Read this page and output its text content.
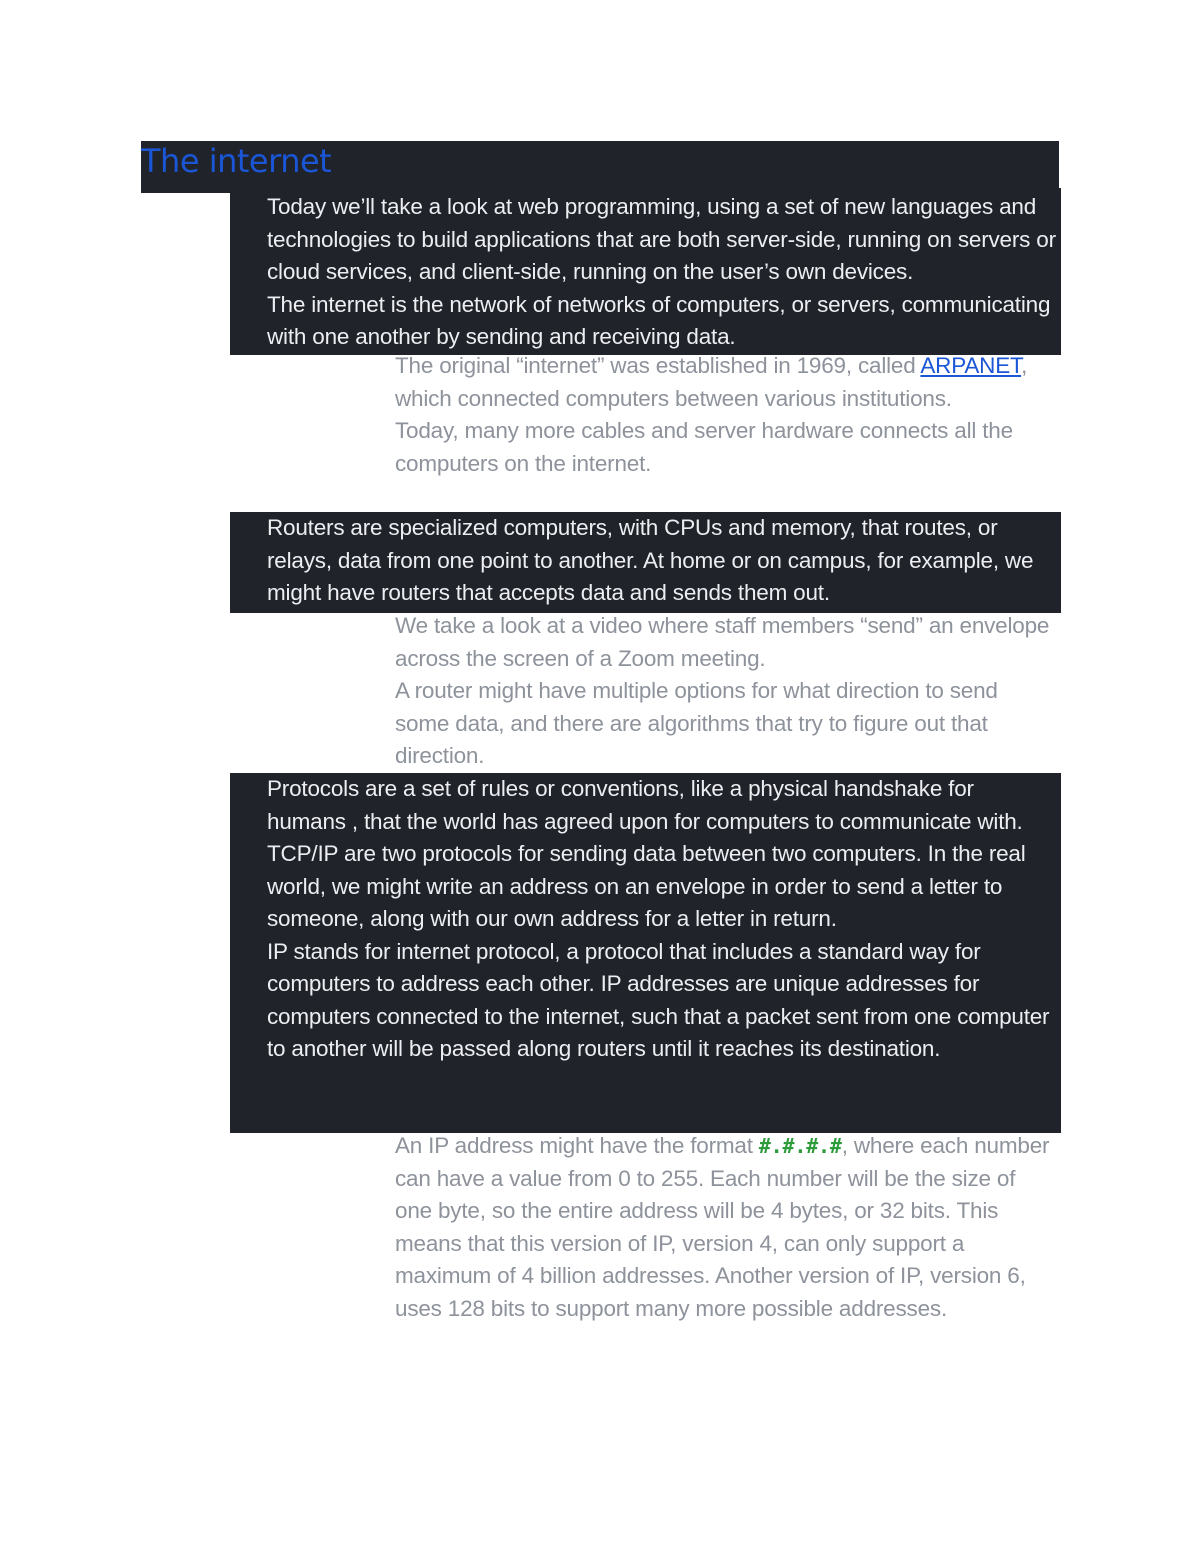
The internet

Today we’ll take a look at web programming, using a set of new languages and technologies to build applications that are both server-side, running on servers or cloud services, and client-side, running on the user’s own devices.

The internet is the network of networks of computers, or servers, communicating with one another by sending and receiving data.

The original “internet” was established in 1969, called ARPANET, which connected computers between various institutions.

Today, many more cables and server hardware connects all the computers on the internet.

Routers are specialized computers, with CPUs and memory, that routes, or relays, data from one point to another. At home or on campus, for example, we might have routers that accepts data and sends them out.

We take a look at a video where staff members “send” an envelope across the screen of a Zoom meeting.

A router might have multiple options for what direction to send some data, and there are algorithms that try to figure out that direction.

Protocols are a set of rules or conventions, like a physical handshake for humans , that the world has agreed upon for computers to communicate with.

TCP/IP are two protocols for sending data between two computers. In the real world, we might write an address on an envelope in order to send a letter to someone, along with our own address for a letter in return.

IP stands for internet protocol, a protocol that includes a standard way for computers to address each other. IP addresses are unique addresses for computers connected to the internet, such that a packet sent from one computer to another will be passed along routers until it reaches its destination.

An IP address might have the format #.#.#.#, where each number can have a value from 0 to 255. Each number will be the size of one byte, so the entire address will be 4 bytes, or 32 bits. This means that this version of IP, version 4, can only support a maximum of 4 billion addresses. Another version of IP, version 6, uses 128 bits to support many more possible addresses.
